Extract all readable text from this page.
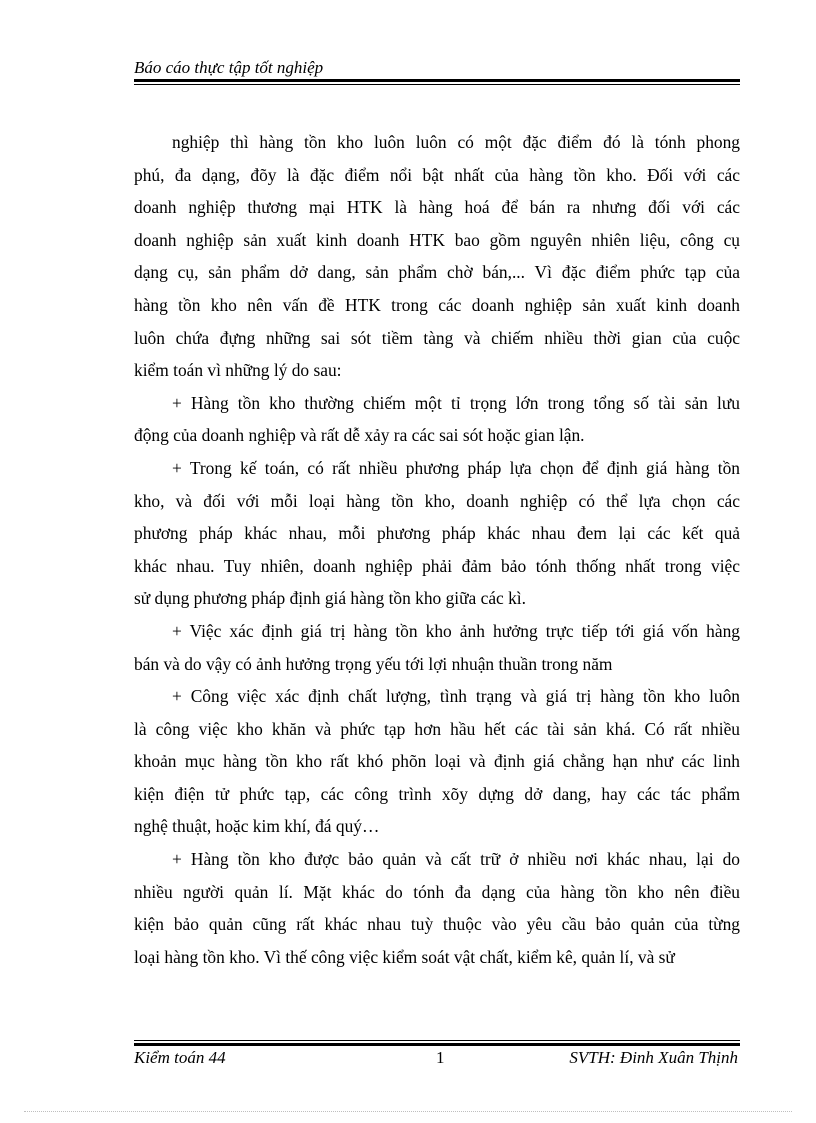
Báo cáo thực tập tốt nghiệp

nghiệp thì hàng tồn kho luôn luôn có một đặc điểm đó là tónh phong
phú, đa dạng, đõy là đặc điểm nổi bật nhất của hàng tồn kho. Đối với các
doanh nghiệp thương mại HTK là hàng hoá để bán ra nhưng đối với các
doanh nghiệp sản xuất kinh doanh HTK bao gồm nguyên nhiên liệu, công cụ
dạng cụ, sản phẩm dở dang, sản phẩm chờ bán,... Vì đặc điểm phức tạp của
hàng tồn kho nên vấn đề HTK trong các doanh nghiệp sản xuất kinh doanh
luôn chứa đựng những sai sót tiềm tàng và chiếm nhiều thời gian của cuộc
kiểm toán vì những lý do sau:

+ Hàng tồn kho thường chiếm một tỉ trọng lớn trong tổng số tài sản lưu
động của doanh nghiệp và rất dễ xảy ra các sai sót hoặc gian lận.

+ Trong kế toán, có rất nhiều phương pháp lựa chọn để định giá hàng tồn
kho, và đối với mỗi loại hàng tồn kho, doanh nghiệp có thể lựa chọn các
phương pháp khác nhau, mỗi phương pháp khác nhau đem lại các kết quả
khác nhau. Tuy nhiên, doanh nghiệp phải đảm bảo tónh thống nhất trong việc
sử dụng phương pháp định giá hàng tồn kho giữa các kì.

+ Việc xác định giá trị hàng tồn kho ảnh hưởng trực tiếp tới giá vốn hàng
bán và do vậy có ảnh hưởng trọng yếu tới lợi nhuận thuần trong năm

+ Công việc xác định chất lượng, tình trạng và giá trị hàng tồn kho luôn
là công việc kho khăn và phức tạp hơn hầu hết các tài sản khá. Có rất nhiều
khoản mục hàng tồn kho rất khó phõn loại và định giá chẳng hạn như các linh
kiện điện tử phức tạp, các công trình xõy dựng dở dang, hay các tác phẩm
nghệ thuật, hoặc kim khí, đá quý…

+ Hàng tồn kho được bảo quản và cất trữ ở nhiều nơi khác nhau, lại do
nhiều người quản lí. Mặt khác do tónh đa dạng của hàng tồn kho nên điều
kiện bảo quản cũng rất khác nhau tuỳ thuộc vào yêu cầu bảo quản của từng
loại hàng tồn kho. Vì thế công việc kiểm soát vật chất, kiểm kê, quản lí, và sử

Kiểm toán 44	1	SVTH: Đinh Xuân Thịnh
